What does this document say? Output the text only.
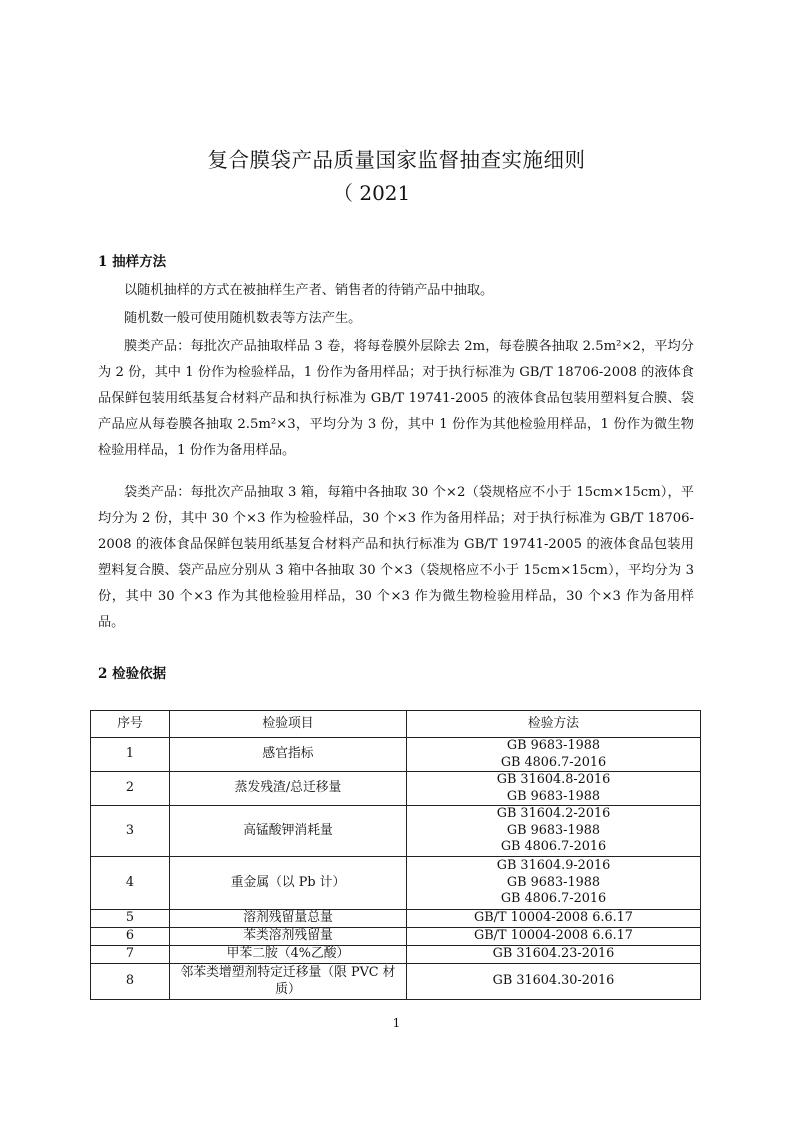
复合膜袋产品质量国家监督抽查实施细则
（ 2021
1 抽样方法
以随机抽样的方式在被抽样生产者、销售者的待销产品中抽取。
随机数一般可使用随机数表等方法产生。
膜类产品：每批次产品抽取样品 3 卷，将每卷膜外层除去 2m，每卷膜各抽取 2.5m²×2，平均分为 2 份，其中 1 份作为检验样品，1 份作为备用样品；对于执行标准为 GB/T 18706-2008 的液体食品保鲜包装用纸基复合材料产品和执行标准为 GB/T 19741-2005 的液体食品包装用塑料复合膜、袋产品应从每卷膜各抽取 2.5m²×3，平均分为 3 份，其中 1 份作为其他检验用样品，1 份作为微生物检验用样品，1 份作为备用样品。
袋类产品：每批次产品抽取 3 箱，每箱中各抽取 30 个×2（袋规格应不小于 15cm×15cm），平均分为 2 份，其中 30 个×3 作为检验样品，30 个×3 作为备用样品；对于执行标准为 GB/T 18706-2008 的液体食品保鲜包装用纸基复合材料产品和执行标准为 GB/T 19741-2005 的液体食品包装用塑料复合膜、袋产品应分别从 3 箱中各抽取 30 个×3（袋规格应不小于 15cm×15cm），平均分为 3 份，其中 30 个×3 作为其他检验用样品，30 个×3 作为微生物检验用样品，30 个×3 作为备用样品。
2 检验依据
序号	检验项目	检验方法
1	感官指标	GB 9683-1988
GB 4806.7-2016

2	蒸发残渣/总迁移量	GB 31604.8-2016
GB 9683-1988

3	高锰酸钾消耗量	GB 31604.2-2016
GB 9683-1988
GB 4806.7-2016

4	重金属（以 Pb 计）	GB 31604.9-2016
GB 9683-1988
GB 4806.7-2016

5	溶剂残留量总量	GB/T 10004-2008 6.6.17

6	苯类溶剂残留量	GB/T 10004-2008 6.6.17

7	甲苯二胺（4%乙酸）	GB 31604.23-2016

8	邻苯类增塑剂特定迁移量（限 PVC 材质）	GB 31604.30-2016
1
